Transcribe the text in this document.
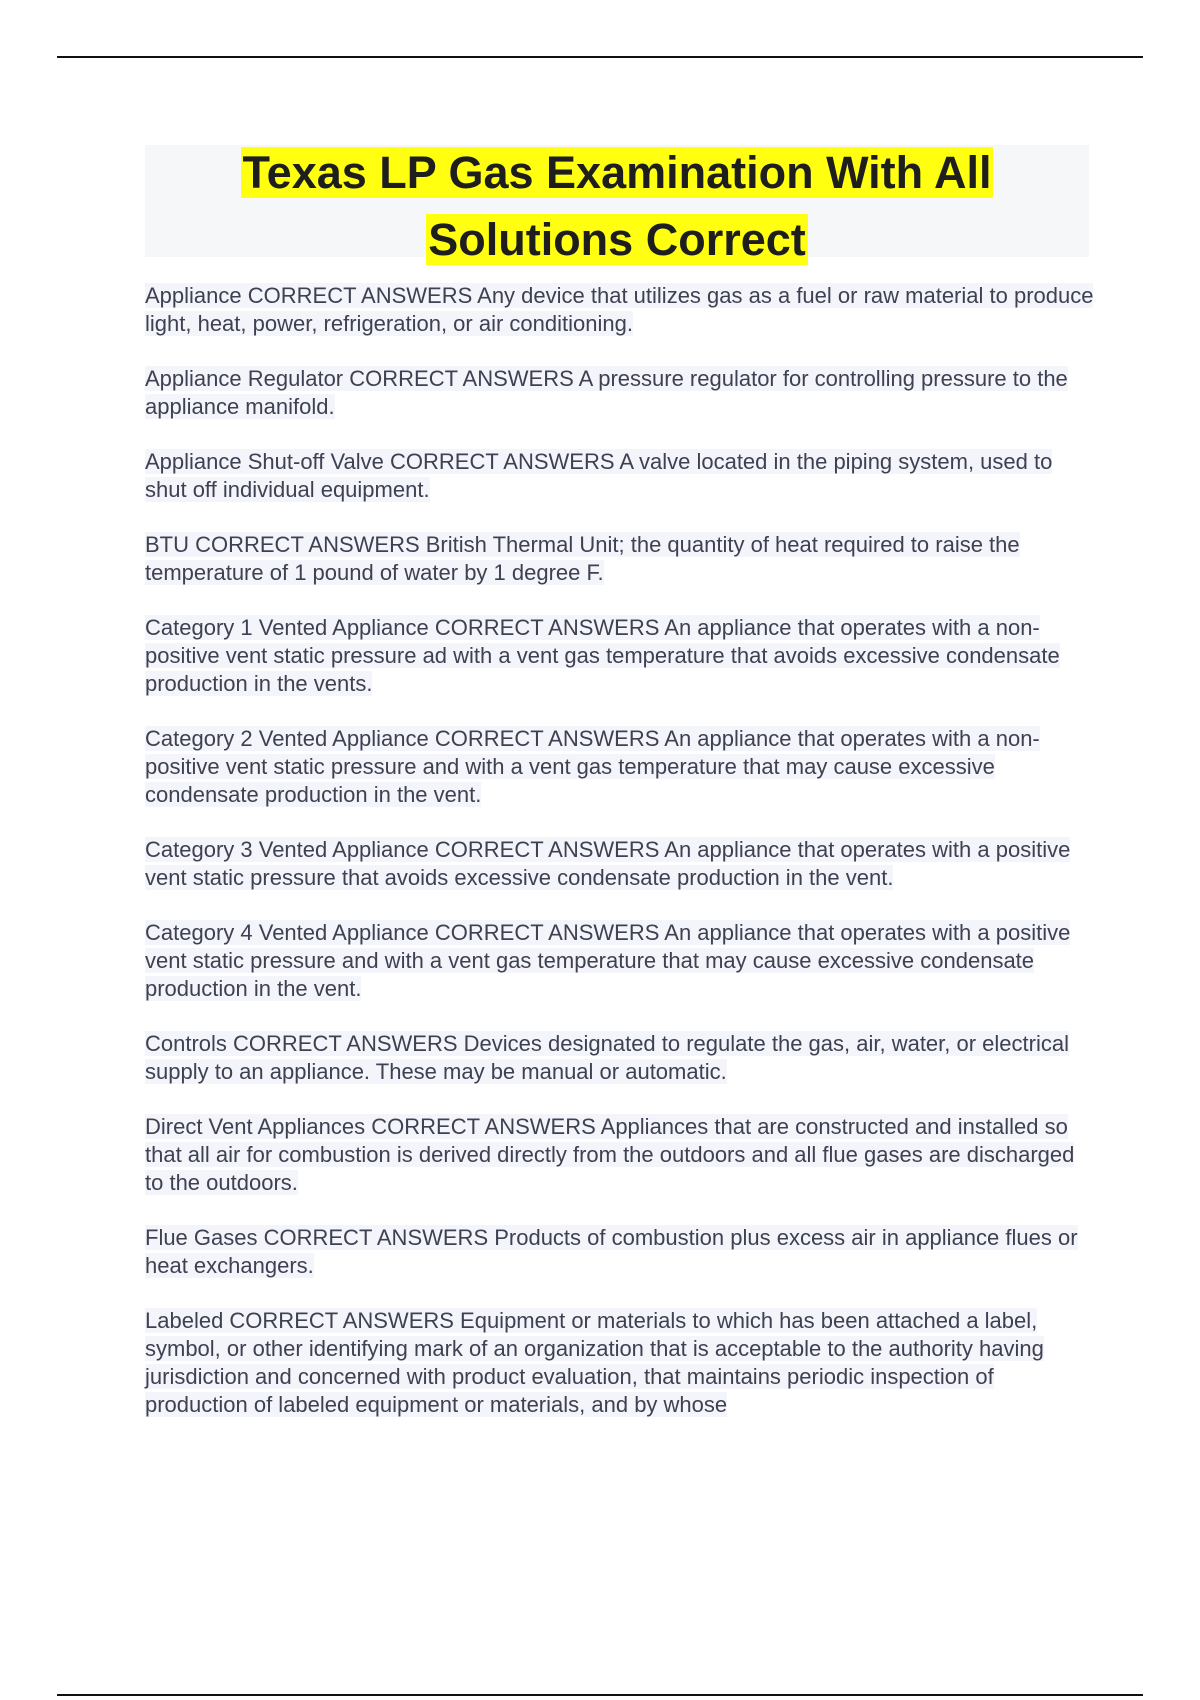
Texas LP Gas Examination With All
Solutions Correct

Appliance CORRECT ANSWERS Any device that utilizes gas as a fuel or raw material to produce light, heat, power, refrigeration, or air conditioning.

Appliance Regulator CORRECT ANSWERS A pressure regulator for controlling pressure to the appliance manifold.

Appliance Shut-off Valve CORRECT ANSWERS A valve located in the piping system, used to shut off individual equipment.

BTU CORRECT ANSWERS British Thermal Unit; the quantity of heat required to raise the temperature of 1 pound of water by 1 degree F.

Category 1 Vented Appliance CORRECT ANSWERS An appliance that operates with a non-positive vent static pressure ad with a vent gas temperature that avoids excessive condensate production in the vents.

Category 2 Vented Appliance CORRECT ANSWERS An appliance that operates with a non-positive vent static pressure and with a vent gas temperature that may cause excessive condensate production in the vent.

Category 3 Vented Appliance CORRECT ANSWERS An appliance that operates with a positive vent static pressure that avoids excessive condensate production in the vent.

Category 4 Vented Appliance CORRECT ANSWERS An appliance that operates with a positive vent static pressure and with a vent gas temperature that may cause excessive condensate production in the vent.

Controls CORRECT ANSWERS Devices designated to regulate the gas, air, water, or electrical supply to an appliance. These may be manual or automatic.

Direct Vent Appliances CORRECT ANSWERS Appliances that are constructed and installed so that all air for combustion is derived directly from the outdoors and all flue gases are discharged to the outdoors.

Flue Gases CORRECT ANSWERS Products of combustion plus excess air in appliance flues or heat exchangers.

Labeled CORRECT ANSWERS Equipment or materials to which has been attached a label, symbol, or other identifying mark of an organization that is acceptable to the authority having jurisdiction and concerned with product evaluation, that maintains periodic inspection of production of labeled equipment or materials, and by whose
